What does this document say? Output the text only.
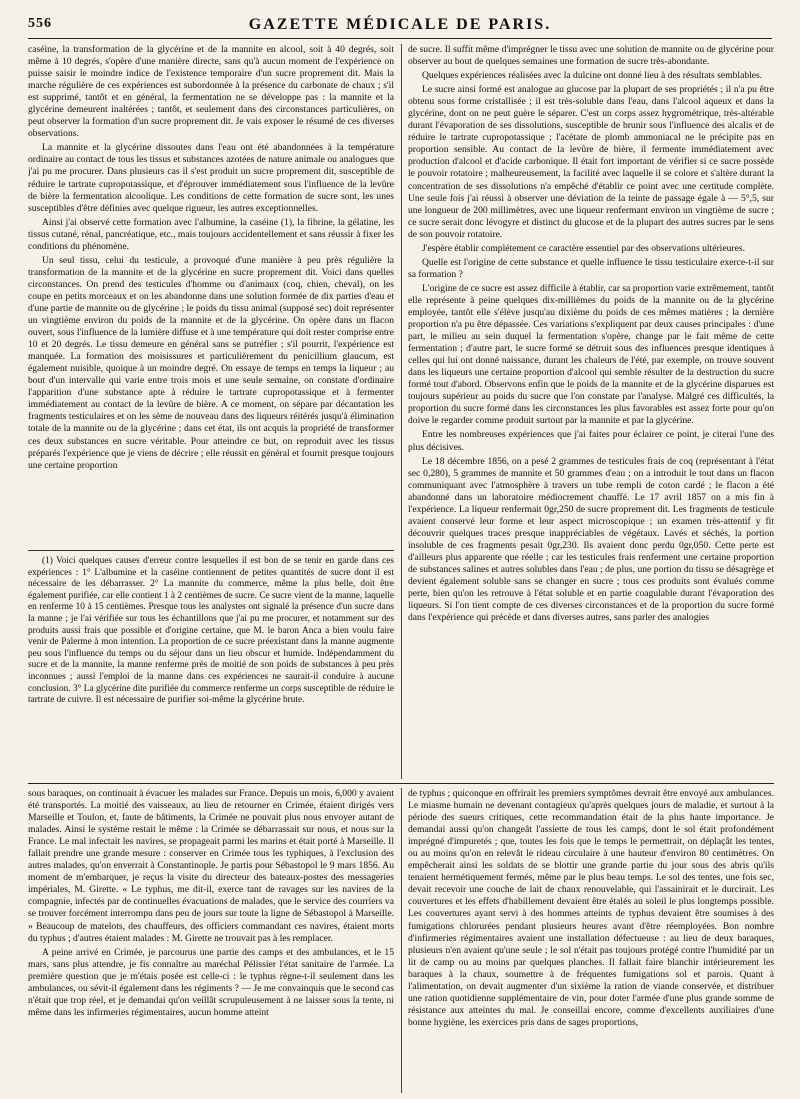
556	GAZETTE MÉDICALE DE PARIS.

caséine, la transformation de la glycérine et de la mannite en alcool, soit à 40 degrés, soit même à 10 degrés, s'opère d'une manière directe, sans qu'à aucun moment de l'expérience on puisse saisir le moindre indice de l'existence temporaire d'un sucre proprement dit. Mais la marche régulière de ces expériences est subordonnée à la présence du carbonate de chaux ; s'il est supprimé, tantôt et en général, la fermentation ne se développe pas : la mannite et la glycérine demeurent inaltérées ; tantôt, et seulement dans des circonstances particulières, on peut observer la formation d'un sucre proprement dit. Je vais exposer le résumé de ces diverses observations.

La mannite et la glycérine dissoutes dans l'eau ont été abandonnées à la température ordinaire au contact de tous les tissus et substances azotées de nature animale ou analogues que j'ai pu me procurer. Dans plusieurs cas il s'est produit un sucre proprement dit, susceptible de réduire le tartrate cupropotassique, et d'éprouver immédiatement sous l'influence de la levûre de bière la fermentation alcoolique. Les conditions de cette formation de sucre sont, les unes susceptibles d'être définies avec quelque rigueur, les autres exceptionnelles.

Ainsi j'ai observé cette formation avec l'albumine, la caséine (1), la fibrine, la gélatine, les tissus cutané, rénal, pancréatique, etc., mais toujours accidentellement et sans réussir à fixer les conditions du phénomène.

Un seul tissu, celui du testicule, a provoqué d'une manière à peu près régulière la transformation de la mannite et de la glycérine en sucre proprement dit. Voici dans quelles circonstances. On prend des testicules d'homme ou d'animaux (coq, chien, cheval), on les coupe en petits morceaux et on les abandonne dans une solution formée de dix parties d'eau et d'une partie de mannite ou de glycérine ; le poids du tissu animal (supposé sec) doit représenter un vingtième environ du poids de la mannite et de la glycérine. On opère dans un flacon ouvert, sous l'influence de la lumière diffuse et à une température qui doit rester comprise entre 10 et 20 degrés. Le tissu demeure en général sans se putréfier ; s'il pourrit, l'expérience est manquée. La formation des moisissures et particulièrement du penicillium glaucum, est également nuisible, quoique à un moindre degré. On essaye de temps en temps la liqueur ; au bout d'un intervalle qui varie entre trois mois et une seule semaine, on constate d'ordinaire l'apparition d'une substance apte à réduire le tartrate cupropotassique et à fermenter immédiatement au contact de la levûre de bière. A ce moment, on sépare par décantation les fragments testiculaires et on les sème de nouveau dans des liqueurs réitérés jusqu'à élimination totale de la mannite ou de la glycérine ; dans cet état, ils ont acquis la propriété de transformer ces deux substances en sucre véritable. Pour atteindre ce but, on reproduit avec les tissus préparés l'expérience que je viens de décrire ; elle réussit en général et fournit presque toujours une certaine proportion

(1) Voici quelques causes d'erreur contre lesquelles il est bon de se tenir en garde dans ces expériences : 1° L'albumine et la caséine contiennent de petites quantités de sucre dont il est nécessaire de les débarrasser. 2° La mannite du commerce, même la plus belle, doit être également purifiée, car elle contient 1 à 2 centièmes de sucre. Ce sucre vient de la manne, laquelle en renferme 10 à 15 centièmes. Presque tous les analystes ont signalé la présence d'un sucre dans la manne ; je l'ai vérifiée sur tous les échantillons que j'ai pu me procurer, et notamment sur des produits aussi frais que possible et d'origine certaine, que M. le baron Anca a bien voulu faire venir de Palerme à mon intention. La proportion de ce sucre préexistant dans la manne augmente peu sous l'influence du temps ou du séjour dans un lieu obscur et humide. Indépendamment du sucre et de la mannite, la manne renferme près de moitié de son poids de substances à peu près inconnues ; aussi l'emploi de la manne dans ces expériences ne saurait-il conduire à aucune conclusion. 3° La glycérine dite purifiée du commerce renferme un corps susceptible de réduire le tartrate de cuivre. Il est nécessaire de purifier soi-même la glycérine brute.

de sucre. Il suffit même d'imprégner le tissu avec une solution de mannite ou de glycérine pour observer au bout de quelques semaines une formation de sucre très-abondante.

Quelques expériences réalisées avec la dulcine ont donné lieu à des résultats semblables.

Le sucre ainsi formé est analogue au glucose par la plupart de ses propriétés ; il n'a pu être obtenu sous forme cristallisée ; il est très-soluble dans l'eau, dans l'alcool aqueux et dans la glycérine, dont on ne peut guère le séparer. C'est un corps assez hygrométrique, très-altérable durant l'évaporation de ses dissolutions, susceptible de brunir sous l'influence des alcalis et de réduire le tartrate cupropotassique ; l'acétate de plomb ammoniacal ne le précipite pas en proportion sensible. Au contact de la levûre de bière, il fermente immédiatement avec production d'alcool et d'acide carbonique. Il était fort important de vérifier si ce sucre possède le pouvoir rotatoire ; malheureusement, la facilité avec laquelle il se colore et s'altère durant la concentration de ses dissolutions n'a empêché d'établir ce point avec une certitude complète. Une seule fois j'ai réussi à observer une déviation de la teinte de passage égale à — 5°,5, sur une longueur de 200 millimètres, avec une liqueur renfermant environ un vingtième de sucre ; ce sucre serait donc lévogyre et distinct du glucose et de la plupart des autres sucres par le sens de son pouvoir rotatoire.

J'espère établir complétement ce caractère essentiel par des observations ultérieures.

Quelle est l'origine de cette substance et quelle influence le tissu testiculaire exerce-t-il sur sa formation ?

L'origine de ce sucre est assez difficile à établir, car sa proportion varie extrêmement, tantôt elle représente à peine quelques dix-millièmes du poids de la mannite ou de la glycérine employée, tantôt elle s'élève jusqu'au dixième du poids de ces mêmes matières ; la dernière proportion n'a pu être dépassée. Ces variations s'expliquent par deux causes principales : d'une part, le milieu au sein duquel la fermentation s'opère, change par le fait même de cette fermentation ; d'autre part, le sucre formé se détruit sous des influences presque identiques à celles qui lui ont donné naissance, durant les chaleurs de l'été, par exemple, on trouve souvent dans les liqueurs une certaine proportion d'alcool qui semble résulter de la destruction du sucre formé tout d'abord. Observons enfin que le poids de la mannite et de la glycérine disparues est toujours supérieur au poids du sucre que l'on constate par l'analyse. Malgré ces difficultés, la proportion du sucre formé dans les circonstances les plus favorables est assez forte pour qu'on doive le regarder comme produit surtout par la mannite et par la glycérine.

Entre les nombreuses expériences que j'ai faites pour éclairer ce point, je citerai l'une des plus décisives.

Le 18 décembre 1856, on a pesé 2 grammes de testicules frais de coq (représentant à l'état sec 0,280), 5 grammes de mannite et 50 grammes d'eau ; on a introduit le tout dans un flacon communiquant avec l'atmosphère à travers un tube rempli de coton cardé ; le flacon a été abandonné dans un laboratoire médiocrement chauffé. Le 17 avril 1857 on a mis fin à l'expérience. La liqueur renfermait 0gr,250 de sucre proprement dit. Les fragments de testicule avaient conservé leur forme et leur aspect microscopique ; un examen très-attentif y fit découvrir quelques traces presque inappréciables de végétaux. Lavés et séchés, la portion insoluble de ces fragments pesait 0gr,230. Ils avaient donc perdu 0gr,050. Cette perte est d'ailleurs plus apparente que réelle ; car les testicules frais renferment une certaine proportion de substances salines et autres solubles dans l'eau ; de plus, une portion du tissu se désagrège et devient également soluble sans se changer en sucre ; tous ces produits sont évalués comme perte, bien qu'on les retrouve à l'état soluble et en partie coagulable durant l'évaporation des liqueurs. Si l'on tient compte de ces diverses circonstances et de la proportion du sucre formé dans l'expérience qui précède et dans diverses autres, sans parler des analogies

sous baraques, on continuait à évacuer les malades sur France. Depuis un mois, 6,000 y avaient été transportés. La moitié des vaisseaux, au lieu de retourner en Crimée, étaient dirigés vers Marseille et Toulon, et, faute de bâtiments, la Crimée ne pouvait plus nous envoyer autant de malades. Ainsi le système restait le même : la Crimée se débarrassait sur nous, et nous sur la France. Le mal infectait les navires, se propageait parmi les marins et était porté à Marseille. Il fallait prendre une grande mesure : conserver en Crimée tous les typhiques, à l'exclusion des autres malades, qu'on enverrait à Constantinople. Je partis pour Sébastopol le 9 mars 1856. Au moment de m'embarquer, je reçus la visite du directeur des bateaux-postes des messageries impériales, M. Girette. « Le typhus, me dit-il, exerce tant de ravages sur les navires de la compagnie, infectés par de continuelles évacuations de malades, que le service des courriers va se trouver forcément interrompu dans peu de jours sur toute la ligne de Sébastopol à Marseille. » Beaucoup de matelots, des chauffeurs, des officiers commandant ces navires, étaient morts du typhus ; d'autres étaient malades : M. Girette ne trouvait pas à les remplacer.

A peine arrivé en Crimée, je parcourus une partie des camps et des ambulances, et le 15 mars, sans plus attendre, je fis connaître au maréchal Pélissier l'état sanitaire de l'armée. La première question que je m'étais posée est celle-ci : le typhus règne-t-il seulement dans les ambulances, ou sévit-il également dans les régiments ? — Je me convainquis que le second cas n'était que trop réel, et je demandai qu'on veillât scrupuleusement à ne laisser sous la tente, ni même dans les infirmeries régimentaires, aucun homme atteint

de typhus ; quiconque en offrirait les premiers symptômes devrait être envoyé aux ambulances. Le miasme humain ne devenant contagieux qu'après quelques jours de maladie, et surtout à la période des sueurs critiques, cette recommandation était de la plus haute importance. Je demandai aussi qu'on changeât l'assiette de tous les camps, dont le sol était profondément imprégné d'impuretés ; que, toutes les fois que le temps le permettrait, on déplaçât les tentes, ou au moins qu'on en relevât le rideau circulaire à une hauteur d'environ 80 centimètres. On empêcherait ainsi les soldats de se blottir une grande partie du jour sous des abris qu'ils tenaient hermétiquement fermés, même par le plus beau temps. Le sol des tentes, une fois sec, devait recevoir une couche de lait de chaux renouvelable, qui l'assainirait et le durcirait. Les couvertures et les effets d'habillement devaient être étalés au soleil le plus longtemps possible. Les couvertures ayant servi à des hommes atteints de typhus devaient être soumises à des fumigations chlorurées pendant plusieurs heures avant d'être réemployées. Bon nombre d'infirmeries régimentaires avaient une installation défectueuse : au lieu de deux baraques, plusieurs n'en avaient qu'une seule ; le sol n'était pas toujours protégé contre l'humidité par un lit de camp ou au moins par quelques planches. Il fallait faire blanchir intérieurement les baraques à la chaux, soumettre à de fréquentes fumigations sol et parois. Quant à l'alimentation, on devait augmenter d'un sixième la ration de viande conservée, et distribuer une ration quotidienne supplémentaire de vin, pour doter l'armée d'une plus grande somme de résistance aux atteintes du mal. Je conseillai encore, comme d'excellents auxiliaires d'une bonne hygiène, les exercices pris dans de sages proportions,
